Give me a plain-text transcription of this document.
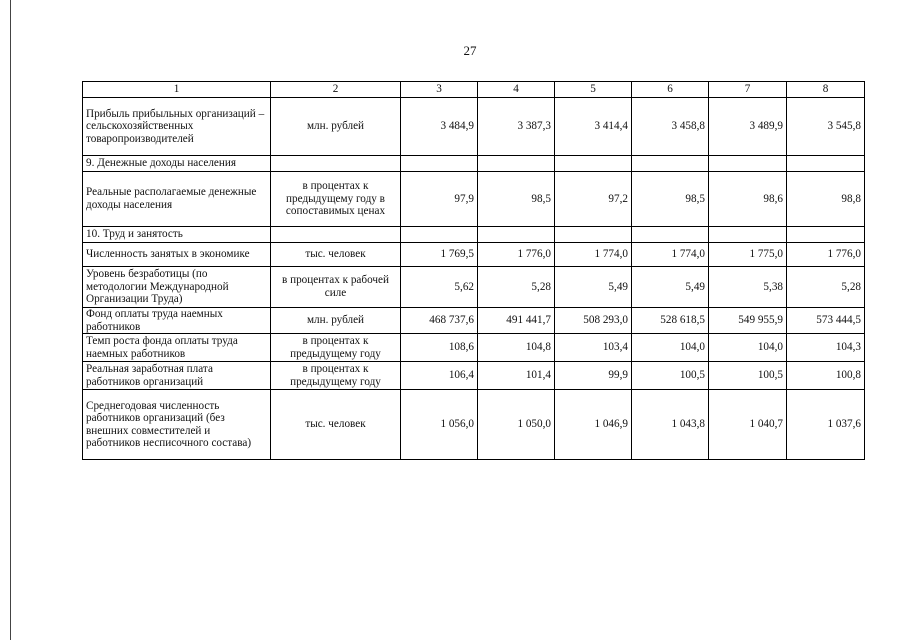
27
1	2	3	4	5	6	7	8
Прибыль прибыльных организаций – сельскохозяйственных товаропроизводителей	млн. рублей	3 484,9	3 387,3	3 414,4	3 458,8	3 489,9	3 545,8
9. Денежные доходы населения							
Реальные располагаемые денежные доходы населения	в процентах к предыдущему году в сопоставимых ценах	97,9	98,5	97,2	98,5	98,6	98,8
10. Труд и занятость							
Численность занятых в экономике	тыс. человек	1 769,5	1 776,0	1 774,0	1 774,0	1 775,0	1 776,0
Уровень безработицы (по методологии Международной Организации Труда)	в процентах к рабочей силе	5,62	5,28	5,49	5,49	5,38	5,28
Фонд оплаты труда наемных работников	млн. рублей	468 737,6	491 441,7	508 293,0	528 618,5	549 955,9	573 444,5
Темп роста фонда оплаты труда наемных работников	в процентах к предыдущему году	108,6	104,8	103,4	104,0	104,0	104,3
Реальная заработная плата работников организаций	в процентах к предыдущему году	106,4	101,4	99,9	100,5	100,5	100,8
Среднегодовая численность работников организаций (без внешних совместителей и работников несписочного состава)	тыс. человек	1 056,0	1 050,0	1 046,9	1 043,8	1 040,7	1 037,6
